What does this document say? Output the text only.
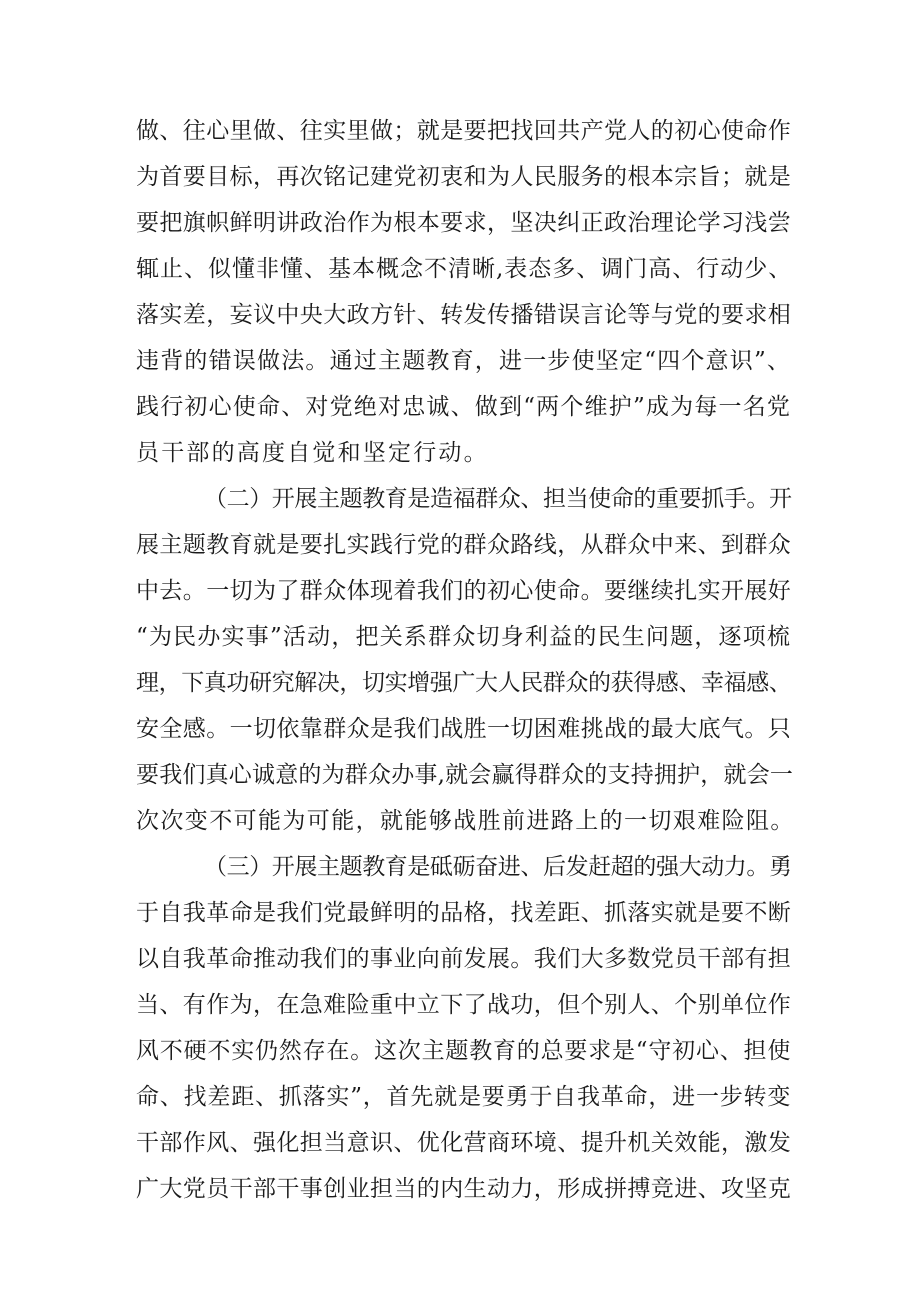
做、往心里做、往实里做；就是要把找回共产党人的初心使命作
为首要目标，再次铭记建党初衷和为人民服务的根本宗旨；就是
要把旗帜鲜明讲政治作为根本要求，坚决纠正政治理论学习浅尝
辄止、似懂非懂、基本概念不清晰,表态多、调门高、行动少、
落实差，妄议中央大政方针、转发传播错误言论等与党的要求相
违背的错误做法。通过主题教育，进一步使坚定“四个意识”、
践行初心使命、对党绝对忠诚、做到“两个维护”成为每一名党
员干部的高度自觉和坚定行动。
（二）开展主题教育是造福群众、担当使命的重要抓手。开
展主题教育就是要扎实践行党的群众路线，从群众中来、到群众
中去。一切为了群众体现着我们的初心使命。要继续扎实开展好
“为民办实事”活动，把关系群众切身利益的民生问题，逐项梳
理，下真功研究解决，切实增强广大人民群众的获得感、幸福感、
安全感。一切依靠群众是我们战胜一切困难挑战的最大底气。只
要我们真心诚意的为群众办事,就会赢得群众的支持拥护，就会一
次次变不可能为可能，就能够战胜前进路上的一切艰难险阻。
（三）开展主题教育是砥砺奋进、后发赶超的强大动力。勇
于自我革命是我们党最鲜明的品格，找差距、抓落实就是要不断
以自我革命推动我们的事业向前发展。我们大多数党员干部有担
当、有作为，在急难险重中立下了战功，但个别人、个别单位作
风不硬不实仍然存在。这次主题教育的总要求是“守初心、担使
命、找差距、抓落实”，首先就是要勇于自我革命，进一步转变
干部作风、强化担当意识、优化营商环境、提升机关效能，激发
广大党员干部干事创业担当的内生动力，形成拼搏竞进、攻坚克
